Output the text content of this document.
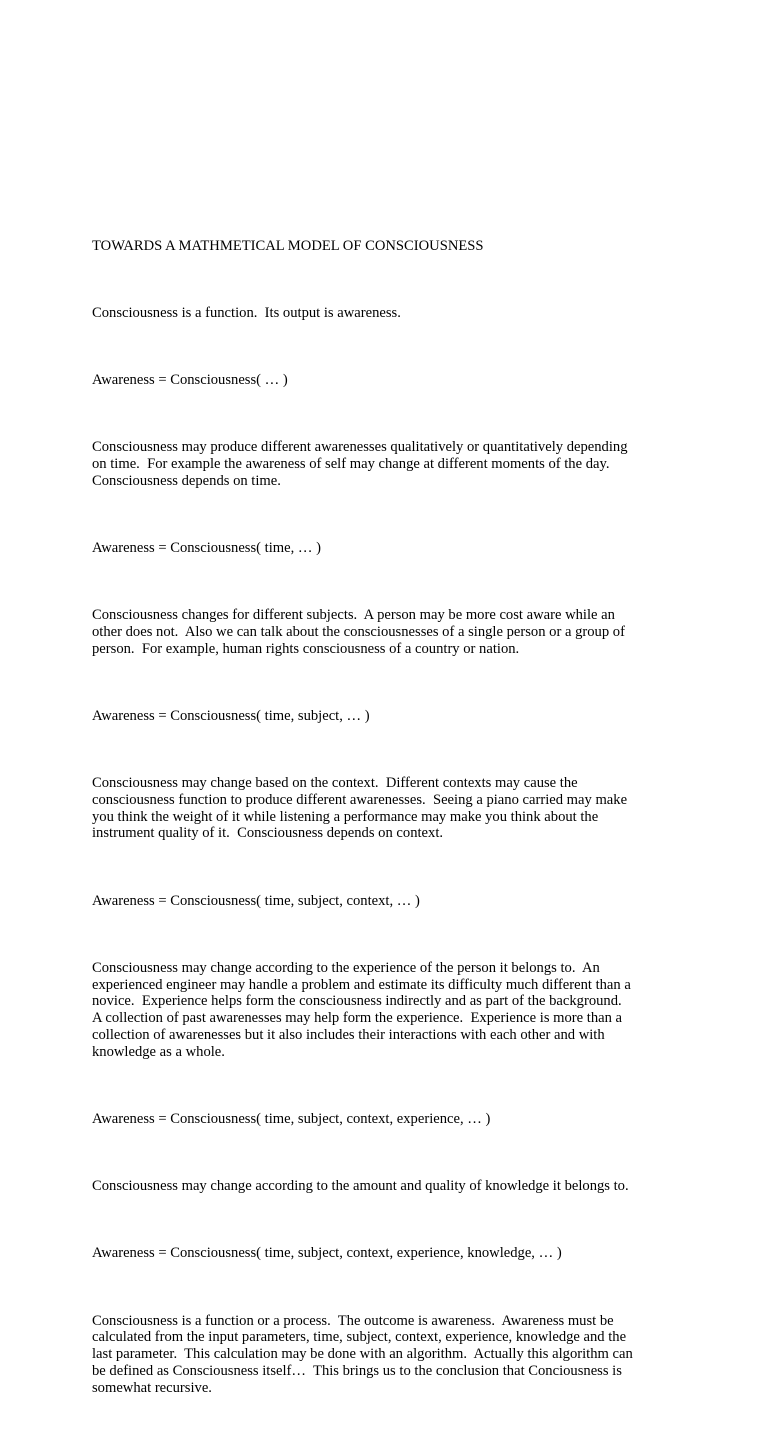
TOWARDS A MATHMETICAL MODEL OF CONSCIOUSNESS

Consciousness is a function.  Its output is awareness.

Awareness = Consciousness( … )

Consciousness may produce different awarenesses qualitatively or quantitatively depending
on time.  For example the awareness of self may change at different moments of the day.
Consciousness depends on time.

Awareness = Consciousness( time, … )

Consciousness changes for different subjects.  A person may be more cost aware while an
other does not.  Also we can talk about the consciousnesses of a single person or a group of
person.  For example, human rights consciousness of a country or nation.

Awareness = Consciousness( time, subject, … )

Consciousness may change based on the context.  Different contexts may cause the
consciousness function to produce different awarenesses.  Seeing a piano carried may make
you think the weight of it while listening a performance may make you think about the
instrument quality of it.  Consciousness depends on context.

Awareness = Consciousness( time, subject, context, … )

Consciousness may change according to the experience of the person it belongs to.  An
experienced engineer may handle a problem and estimate its difficulty much different than a
novice.  Experience helps form the consciousness indirectly and as part of the background.
A collection of past awarenesses may help form the experience.  Experience is more than a
collection of awarenesses but it also includes their interactions with each other and with
knowledge as a whole.

Awareness = Consciousness( time, subject, context, experience, … )

Consciousness may change according to the amount and quality of knowledge it belongs to.

Awareness = Consciousness( time, subject, context, experience, knowledge, … )

Consciousness is a function or a process.  The outcome is awareness.  Awareness must be
calculated from the input parameters, time, subject, context, experience, knowledge and the
last parameter.  This calculation may be done with an algorithm.  Actually this algorithm can
be defined as Consciousness itself…  This brings us to the conclusion that Conciousness is
somewhat recursive.
